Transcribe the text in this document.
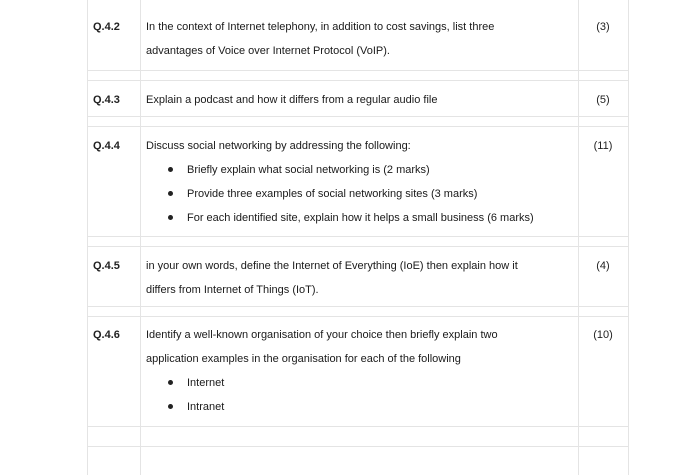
Q.4.2	In the context of Internet telephony, in addition to cost savings, list three

advantages of Voice over Internet Protocol (VoIP).

(3)
Q.4.3	Explain a podcast and how it differs from a regular audio file	(5)
Q.4.4	Discuss social networking by addressing the following:

Briefly explain what social networking is (2 marks)
Provide three examples of social networking sites (3 marks)
For each identified site, explain how it helps a small business (6 marks)
(11)
Q.4.5	in your own words, define the Internet of Everything (IoE) then explain how it

differs from Internet of Things (IoT).

(4)
Q.4.6	Identify a well-known organisation of your choice then briefly explain two

application examples in the organisation for each of the following

Internet
Intranet
(10)
